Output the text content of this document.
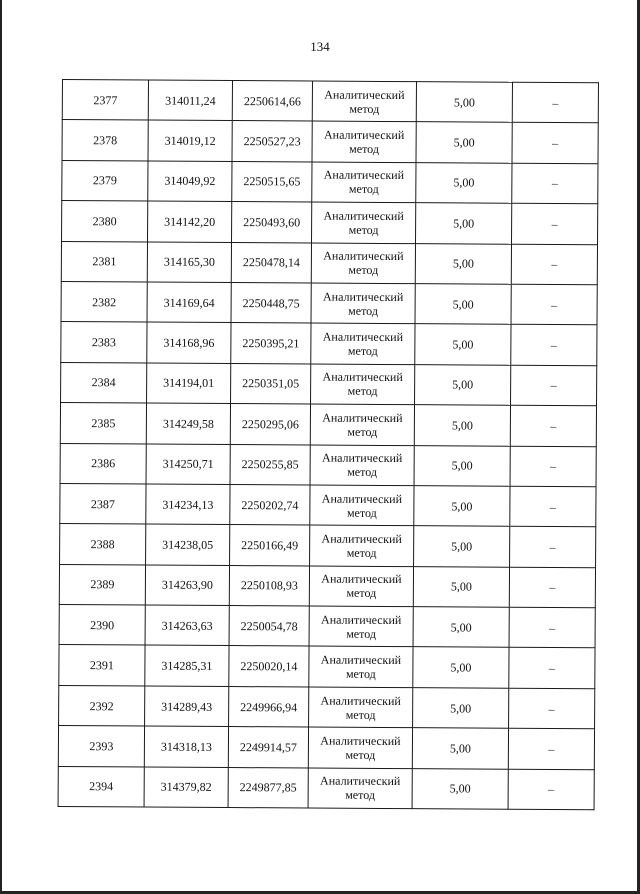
134
2377	314011,24	2250614,66	Аналитический метод	5,00	–
2378	314019,12	2250527,23	Аналитический метод	5,00	–
2379	314049,92	2250515,65	Аналитический метод	5,00	–
2380	314142,20	2250493,60	Аналитический метод	5,00	–
2381	314165,30	2250478,14	Аналитический метод	5,00	–
2382	314169,64	2250448,75	Аналитический метод	5,00	–
2383	314168,96	2250395,21	Аналитический метод	5,00	–
2384	314194,01	2250351,05	Аналитический метод	5,00	–
2385	314249,58	2250295,06	Аналитический метод	5,00	–
2386	314250,71	2250255,85	Аналитический метод	5,00	–
2387	314234,13	2250202,74	Аналитический метод	5,00	–
2388	314238,05	2250166,49	Аналитический метод	5,00	–
2389	314263,90	2250108,93	Аналитический метод	5,00	–
2390	314263,63	2250054,78	Аналитический метод	5,00	–
2391	314285,31	2250020,14	Аналитический метод	5,00	–
2392	314289,43	2249966,94	Аналитический метод	5,00	–
2393	314318,13	2249914,57	Аналитический метод	5,00	–
2394	314379,82	2249877,85	Аналитический метод	5,00	–
